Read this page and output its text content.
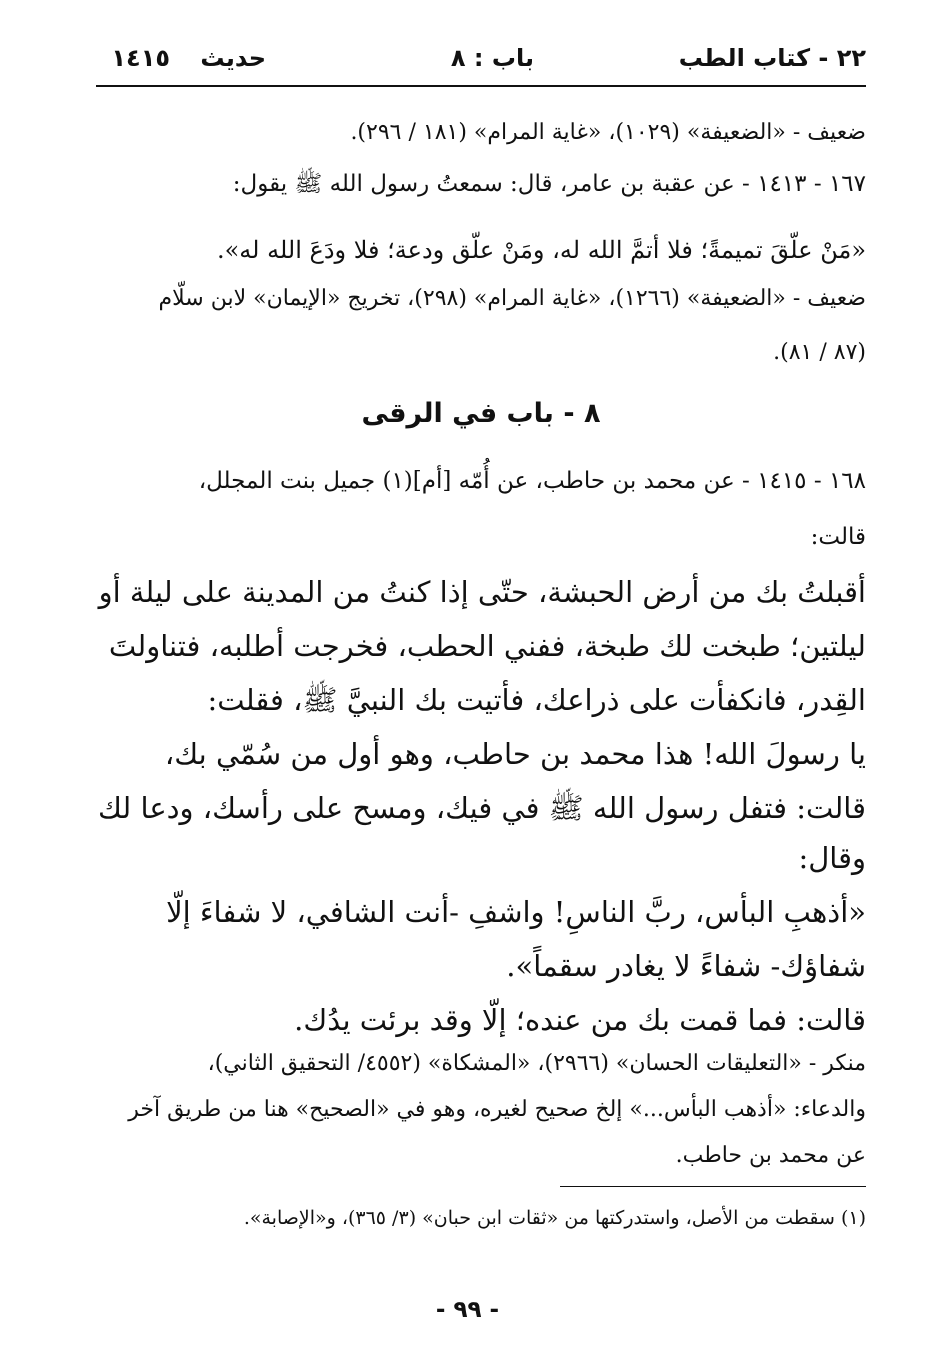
٢٢ - كتاب الطب
باب : ٨
حديث
١٤١٥
ضعيف - «الضعيفة» (١٠٢٩)، «غاية المرام» (١٨١ / ٢٩٦).
١٦٧ - ١٤١٣ - عن عقبة بن عامر، قال: سمعتُ رسول الله ﷺ يقول:
«مَنْ علّقَ تميمةً؛ فلا أتمَّ الله له، ومَنْ علّق ودعة؛ فلا ودَعَ الله له».
ضعيف - «الضعيفة» (١٢٦٦)، «غاية المرام» (٢٩٨)، تخريج «الإيمان» لابن سلّام
(٨٧ / ٨١).
٨ - باب في الرقى
١٦٨ - ١٤١٥ - عن محمد بن حاطب، عن أُمّه [أم](١) جميل بنت المجلل،
قالت:
أقبلتُ بك من أرض الحبشة، حتّى إذا كنتُ من المدينة على ليلة أو
ليلتين؛ طبخت لك طبخة، ففني الحطب، فخرجت أطلبه، فتناولتَ
القِدر، فانكفأت على ذراعك، فأتيت بك النبيَّ ﷺ، فقلت:
يا رسولَ الله! هذا محمد بن حاطب، وهو أول من سُمّي بك،
قالت: فتفل رسول الله ﷺ في فيك، ومسح على رأسك، ودعا لك
وقال:
«أذهبِ البأس، ربَّ الناسِ! واشفِ -أنت الشافي، لا شفاءَ إلّا
شفاؤك- شفاءً لا يغادر سقماً».
قالت: فما قمت بك من عنده؛ إلّا وقد برئت يدُك.
منكر - «التعليقات الحسان» (٢٩٦٦)، «المشكاة» (٤٥٥٢/ التحقيق الثاني)،
والدعاء: «أذهب البأس...» إلخ صحيح لغيره، وهو في «الصحيح» هنا من طريق آخر
عن محمد بن حاطب.
(١) سقطت من الأصل، واستدركتها من «ثقات ابن حبان» (٣/ ٣٦٥)، و«الإصابة».
- ٩٩ -
